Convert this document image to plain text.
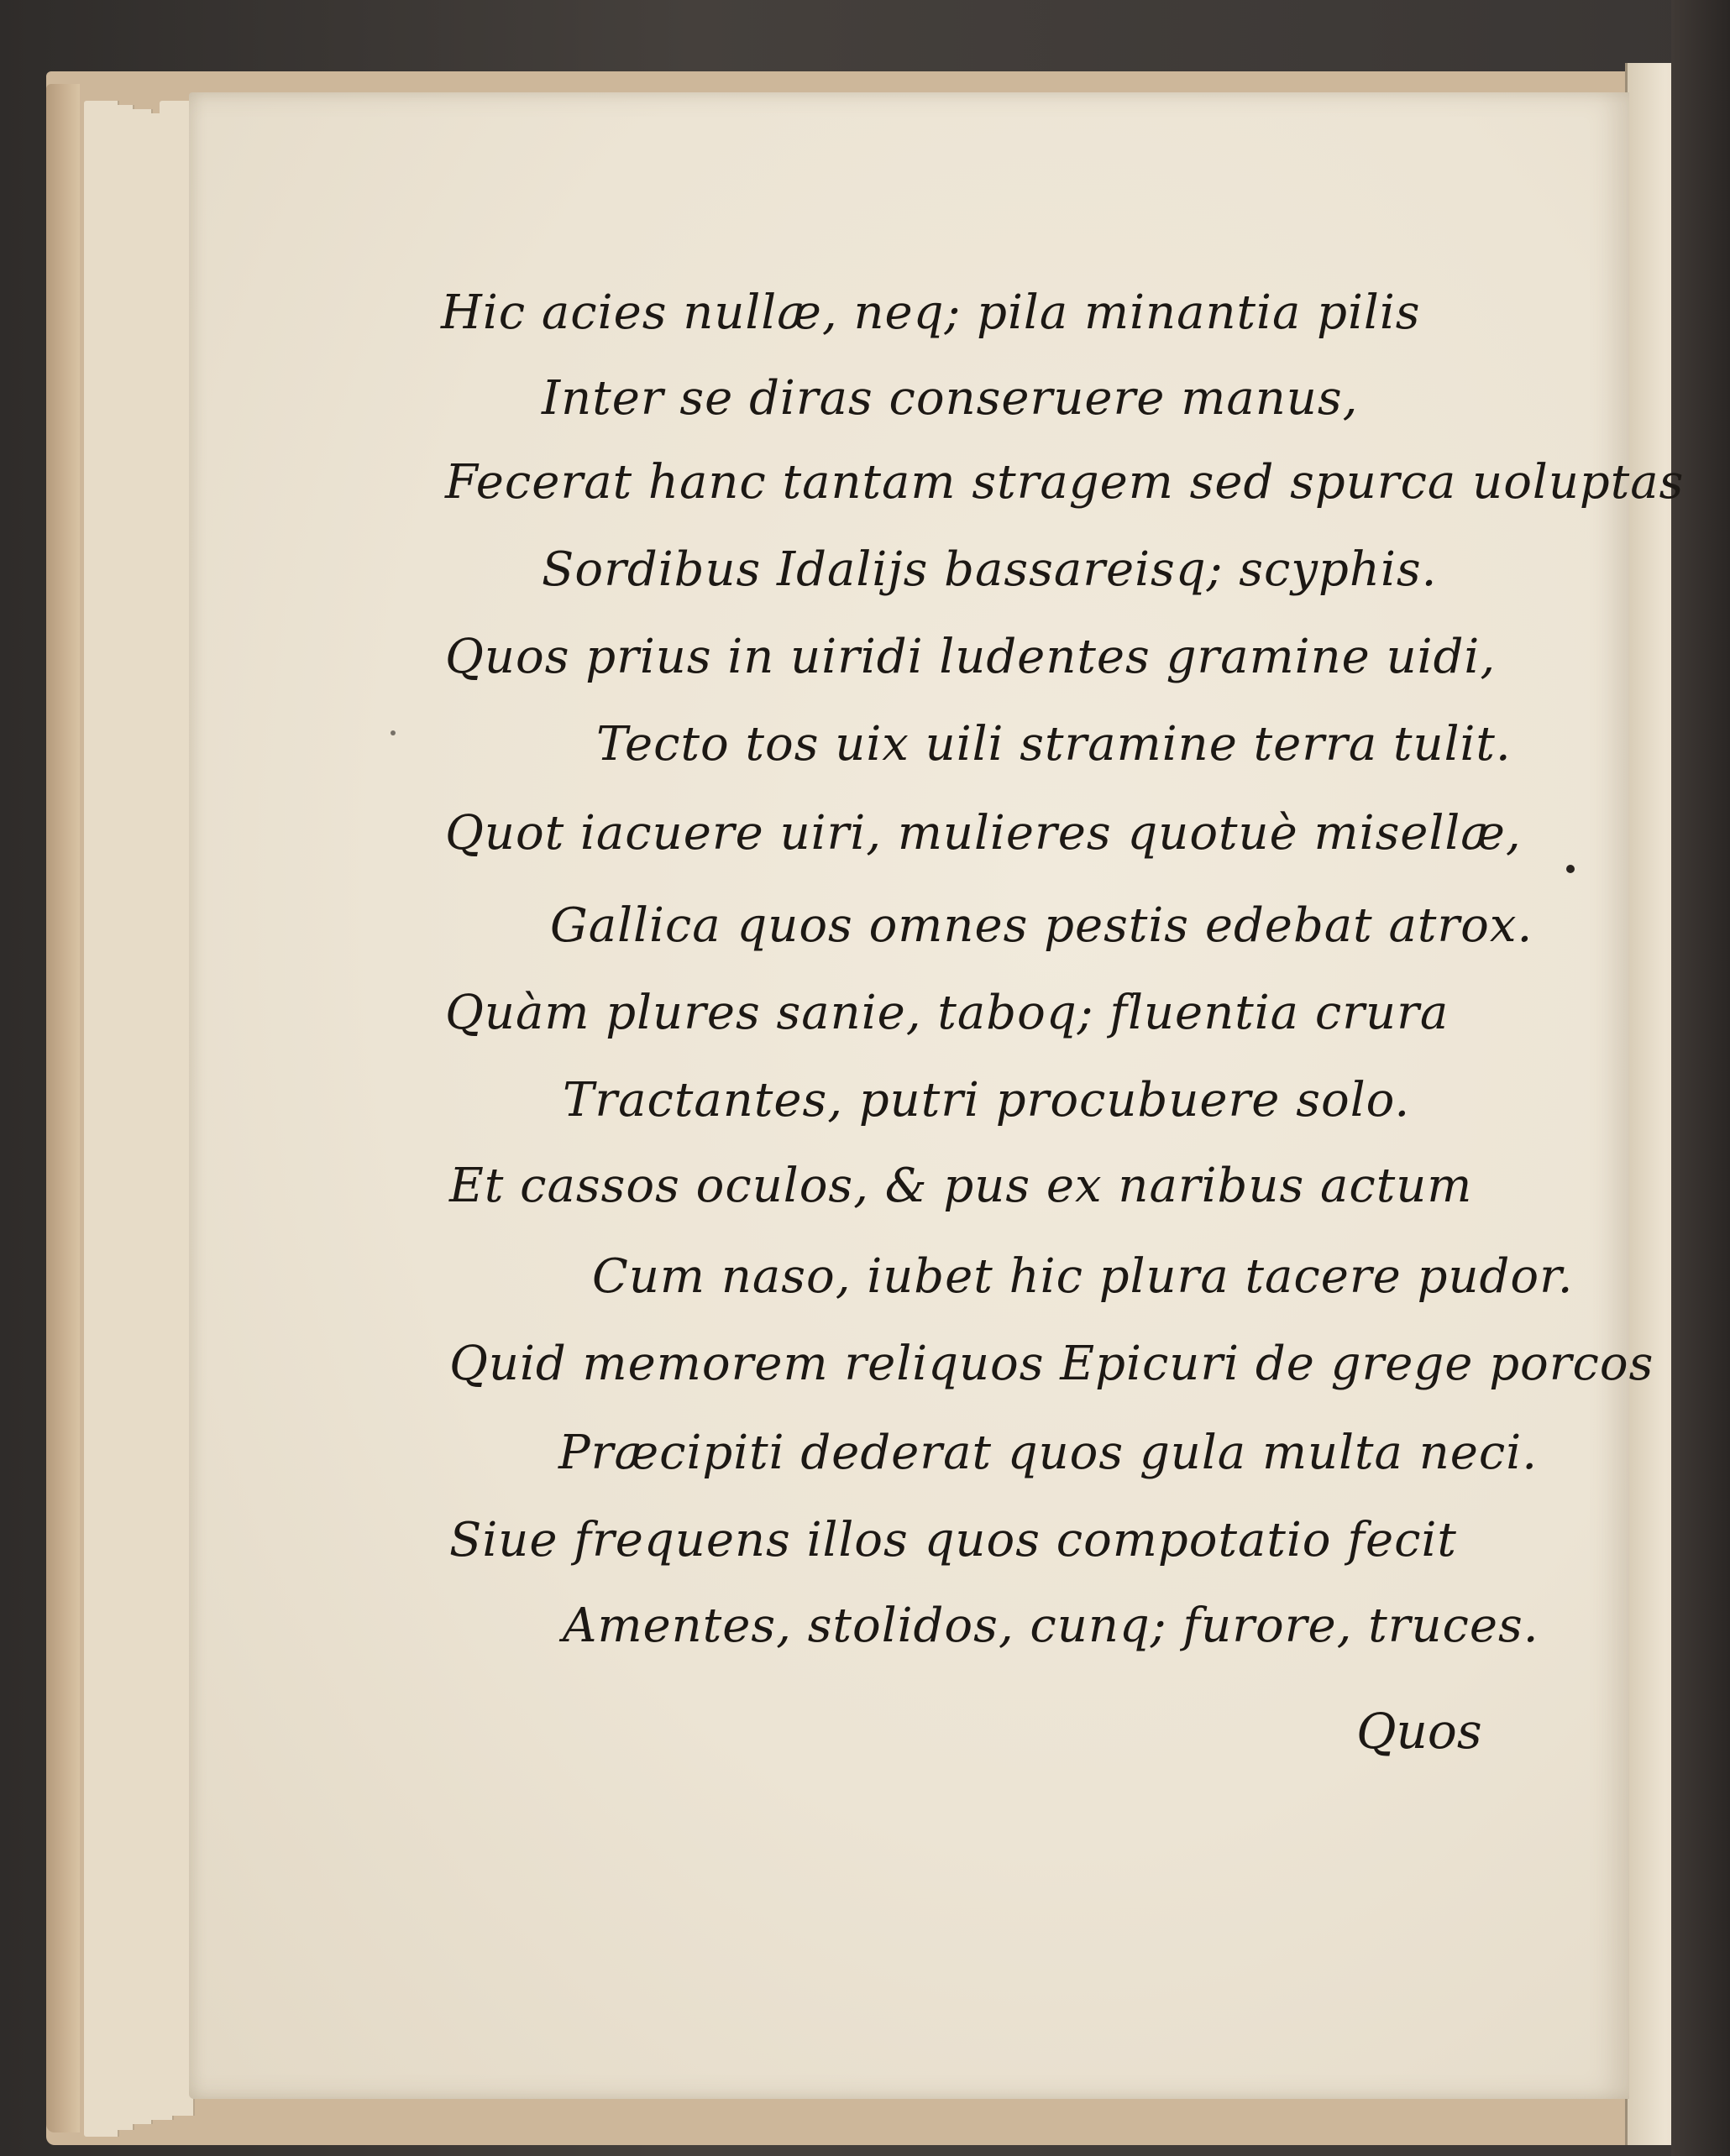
Hic acies nullæ, neq; pila minantia pilis
Inter se diras conseruere manus,
Fecerat hanc tantam stragem sed spurca uoluptas
Sordibus Idalijs bassareisq; scyphis.
Quos prius in uiridi ludentes gramine uidi,
Tecto tos uix uili stramine terra tulit.
Quot iacuere uiri, mulieres quotuè misellæ,
Gallica quos omnes pestis edebat atrox.
Quàm plures sanie, taboq; fluentia crura
Tractantes, putri procubuere solo.
Et cassos oculos, & pus ex naribus actum
Cum naso, iubet hic plura tacere pudor.
Quid memorem reliquos Epicuri de grege porcos
Præcipiti dederat quos gula multa neci.
Siue frequens illos quos compotatio fecit
Amentes, stolidos, cunq; furore, truces.
Quos
